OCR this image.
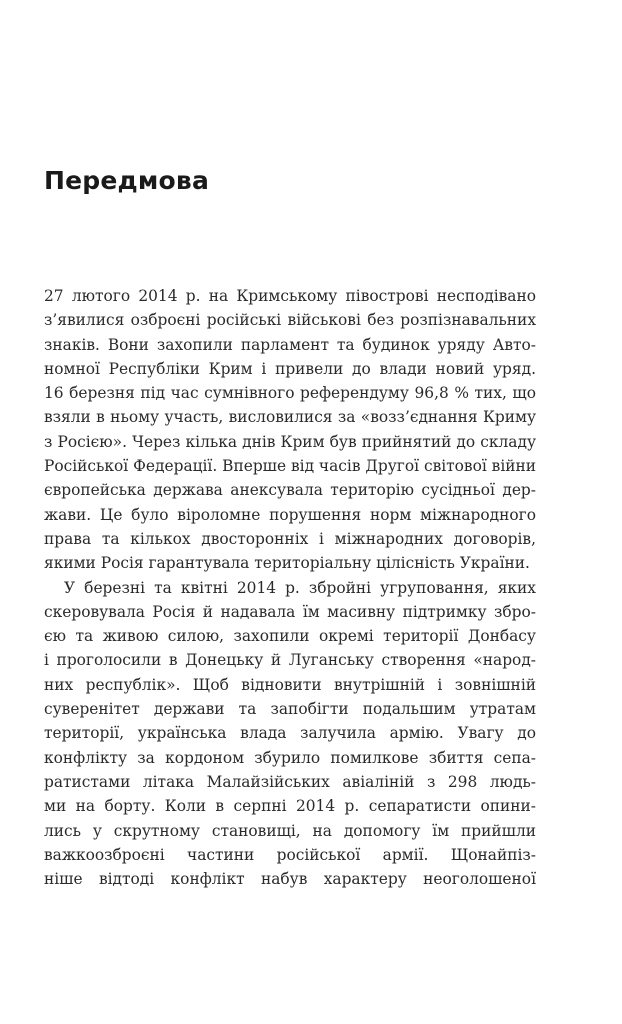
Передмова
27 лютого 2014 р. на Кримському півострові несподівано
з’явилися озброєні російські військові без розпізнавальних
знаків. Вони захопили парламент та будинок уряду Авто-
номної Республіки Крим і привели до влади новий уряд.
16 березня під час сумнівного референдуму 96,8 % тих, що
взяли в ньому участь, висловилися за «возз’єднання Криму
з Росією». Через кілька днів Крим був прийнятий до складу
Російської Федерації. Вперше від часів Другої світової війни
європейська держава анексувала територію сусідньої дер-
жави. Це було віроломне порушення норм міжнародного
права та кількох двосторонніх і міжнародних договорів,
якими Росія гарантувала територіальну цілісність України.
У березні та квітні 2014 р. збройні угруповання, яких
скеровувала Росія й надавала їм масивну підтримку збро-
єю та живою силою, захопили окремі території Донбасу
і проголосили в Донецьку й Луганську створення «народ-
них республік». Щоб відновити внутрішній і зовнішній
суверенітет держави та запобігти подальшим утратам
території, українська влада залучила армію. Увагу до
конфлікту за кордоном збурило помилкове збиття сепа-
ратистами літака Малайзійських авіаліній з 298 людь-
ми на борту. Коли в серпні 2014 р. сепаратисти опини-
лись у скрутному становищі, на допомогу їм прийшли
важкоозброєні частини російської армії. Щонайпіз-
ніше відтоді конфлікт набув характеру неоголошеної
